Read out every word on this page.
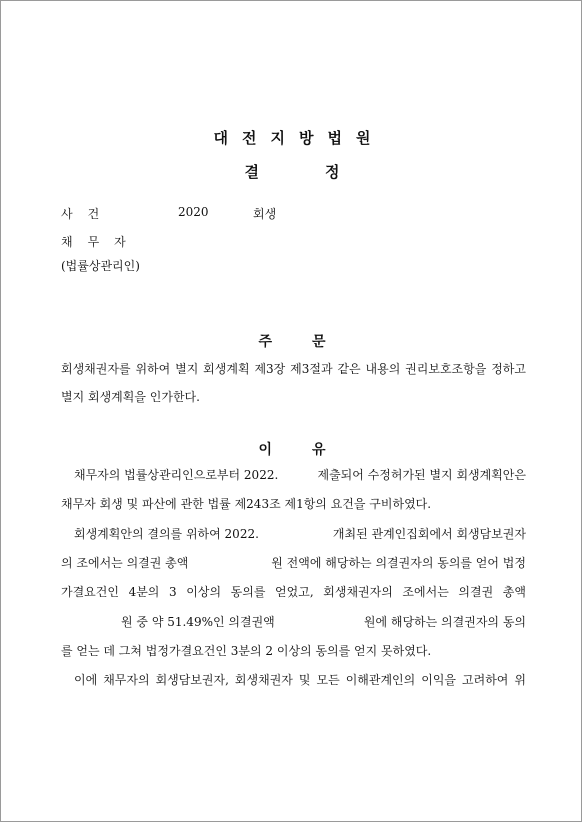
대전지방법원
결정
사건	2020	회생
채무자
(법률상관리인)
주문
회생채권자를 위하여 별지 회생계획 제3장 제3절과 같은 내용의 권리보호조항을 정하고
별지 회생계획을 인가한다.
이유
채무자의 법률상관리인으로부터 2022.	제출되어 수정허가된 별지 회생계획안은
채무자 회생 및 파산에 관한 법률 제243조 제1항의 요건을 구비하였다.
회생계획안의 결의를 위하여 2022.	개최된 관계인집회에서 회생담보권자
의 조에서는 의결권 총액	원 전액에 해당하는 의결권자의 동의를 얻어 법정
가결요건인 4분의 3 이상의 동의를 얻었고, 회생채권자의 조에서는 의결권 총액
원 중 약 51.49%인 의결권액	원에 해당하는 의결권자의 동의
를 얻는 데 그쳐 법정가결요건인 3분의 2 이상의 동의를 얻지 못하였다.
이에 채무자의 회생담보권자, 회생채권자 및 모든 이해관계인의 이익을 고려하여 위
